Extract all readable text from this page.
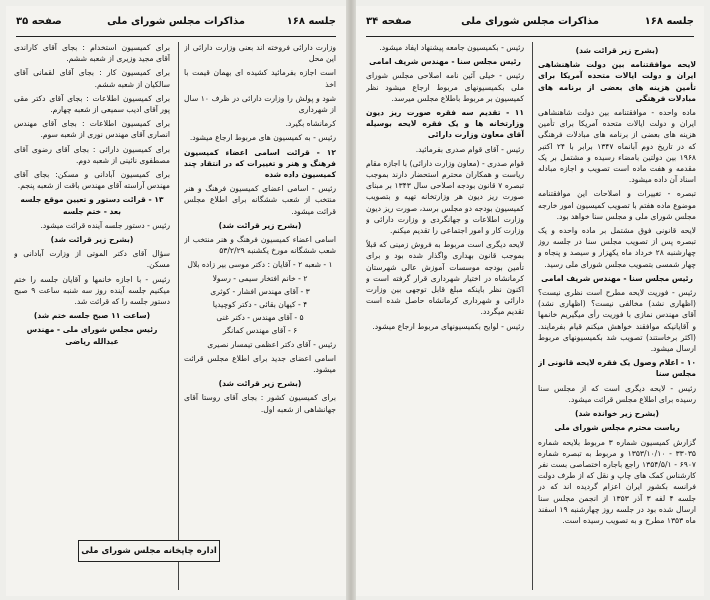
صفحه ۳۵	مذاکرات مجلس شورای ملی	جلسه ۱۶۸

وزارت دارائی فروخته اند بعنی وزارت دارائی از این محل

است اجازه بفرمائید کشیده ای بهمان قیمت با اخذ

شود و پولش را وزارت دارائی در ظرف ۱۰ سال از شهرداری

کرمانشاه بگیرد.

رئیس - به کمیسیون های مربوط ارجاع میشود.

۱۲ - قرائت اسامی اعضاء کمیسیون فرهنگ و هنر و تغییرات که در انتقاد چند کمیسیون داده شده

رئیس - اسامی اعضای کمیسیون فرهنگ و هنر منتخب از شعب ششگانه برای اطلاع مجلس قرائت میشود.

(بشرح زیر قرائت شد)

اسامی اعضاء کمیسیون فرهنگ و هنر منتخب از شعب ششگانه مورخ یکشنبه ۵۳/۲/۲۹

۱ - شعبه ۲ - آقایان : دکتر موسی بیر زاده بلال

۲ - خانم افتخار سیمی - رسولا

۳ - آقای مهندس افشار - کوثری

۴ - کیهان بقائی - دکتر کوچیدیا

۵ - آقای مهندس - دکتر غنی

۶ - آقای مهندس کمانگر

رئیس - آقای دکتر اعظمی تیمسار نصیری

اسامی اعضای جدید برای اطلاع مجلس قرائت میشود.

(بشرح زیر قرائت شد)

برای کمیسیون کشور : بجای آقای روستا آقای جهانشاهی از شعبه اول.

برای کمیسیون استخدام : بجای آقای کاراندی آقای مجید وزیری از شعبه ششم.

برای کمیسیون کار : بجای آقای لقمانی آقای سالکیان از شعبه ششم.

برای کمیسیون اطلاعات : بجای آقای دکتر مقی پور آقای ادیب سمیعی از شعبه چهارم.

برای کمیسیون اطلاعات : بجای آقای مهندس انصاری آقای مهندس نوری از شعبه سوم.

برای کمیسیون دارائی : بجای آقای رضوی آقای مصطفوی نائینی از شعبه دوم.

برای کمیسیون آبادانی و مسکن: بجای آقای مهندس آراسته آقای مهندس باقت از شعبه پنجم.

۱۳ - قرائت دستور و تعیین موقع جلسه بعد - ختم جلسه

رئیس - دستور جلسه آینده قرائت میشود.

(بشرح زیر قرائت شد)

سؤال آقای دکتر الموتی از وزارت آبادانی و مسکن.

رئیس - با اجازه خانمها و آقایان جلسه را ختم میکنیم جلسه آینده روز سه شنبه ساعت ۹ صبح دستور جلسه را که قرائت شد.

(ساعت ۱۱ صبح جلسه ختم شد)

رئیس مجلس شورای ملی - مهندس عبدالله ریاضی

اداره چاپخانه مجلس شورای ملی
صفحه ۳۴	مذاکرات مجلس شورای ملی	جلسه ۱۶۸

(بشرح زیر قرائت شد)

لایحه موافقتنامه بین دولت شاهنشاهی ایران و دولت ایالات متحده آمریکا برای تأمین هزینه های بعضی از برنامه های مبادلات فرهنگی

ماده واحده - موافقتنامه بین دولت شاهنشاهی ایران و دولت ایالات متحده آمریکا برای تأمین هزینه های بعضی از برنامه های مبادلات فرهنگی که در تاریخ دوم آبانماه ۱۳۴۷ برابر با ۲۴ اکتبر ۱۹۶۸ بین دولتین بامضاء رسیده و مشتمل بر یک مقدمه و هفت ماده است تصویب و اجازه مبادله اسناد آن داده میشود.

تبصره - تغییرات و اصلاحات این موافقتنامه موضوع ماده هفتم با تصویب کمیسیون امور خارجه مجلس شورای ملی و مجلس سنا خواهد بود.

لایحه قانونی فوق مشتمل بر ماده واحده و یک تبصره پس از تصویب مجلس سنا در جلسه روز چهارشنبه ۲۸ خرداد ماه یکهزار و سیصد و پنجاه و چهار شمسی بتصویب مجلس شورای ملی رسید.

رئیس مجلس سنا - مهندس شریف امامی

رئیس - فوریت لایحه مطرح است نظری نیست؟ (اظهاری نشد) مخالفی نیست؟ (اظهاری نشد) آقای مهندس نمازی با فوریت رأی میگیریم خانمها و آقایانیکه موافقند خواهش میکنم قیام بفرمایند. (اکثر برخاستند) تصویب شد بکمیسیونهای مربوط ارسال میشود.

۱۰ - اعلام وصول یک فقره لایحه قانونی از مجلس سنا

رئیس - لایحه دیگری است که از مجلس سنا رسیده برای اطلاع مجلس قرائت میشود.

(بشرح زیر خوانده شد)

ریاست محترم مجلس شورای ملی

گزارش کمیسیون شماره ۳ مربوط بلایحه شماره ۳۳۰۳۵ - ۱۳۵۳/۱۰/۱۰ و مربوط به تبصره شماره ۶۹۰۷ - ۱۳۵۴/۵/۱ راجع باجاره اختصاصی بست نفر کارشناس کمک های چاپ و نقل که از طرف دولت فرانسه بکشور ایران اعزام گردیده اند که در جلسه ۴ لفه ۳ آذر ۱۳۵۳ از انجمن مجلس سنا ارسال شده بود در جلسه روز چهارشنبه ۱۹ اسفند ماه ۱۳۵۳ مطرح و به تصویب رسیده است.

رئیس - بکمیسیون جامعه پیشنهاد ایفاد میشود.

رئیس مجلس سنا - مهندس شریف امامی

رئیس - خیلی آئین نامه اصلاحی مجلس شورای ملی بکمیسیونهای مربوط ارجاع میشود نظر کمیسیون بر مربوط باطلاع مجلس میرسد.

۱۱ - تقدیم سه فقره صورت ریز دیون وزارتخانه ها و یک فقره لایحه بوسیله آقای معاون وزارت دارائی

رئیس - آقای قوام صدری بفرمائید.

قوام صدری - (معاون وزارت دارائی) با اجازه مقام ریاست و همکاران محترم استحضار دارند بموجب تبصره ۷ قانون بودجه اصلاحی سال ۱۳۴۳ بر مبنای صورت ریز دیون هر وزارتخانه تهیه و بتصویب کمیسیون بودجه دو مجلس برسد، صورت ریز دیون وزارت اطلاعات و جهانگردی و وزارت دارائی و وزارت کار و امور اجتماعی را تقدیم میکنم.

لایحه دیگری است مربوط به فروش زمینی که قبلاً بموجب قانون بهداری واگذار شده بود و برای تأمین بودجه موسسات آموزش عالی شهرستان کرمانشاه در اختیار شهرداری قرار گرفته است و اکنون نظر باینکه مبلغ قابل توجهی بین وزارت دارائی و شهرداری کرمانشاه حاصل شده است تقدیم میگردد.

رئیس - لوایح بکمیسیونهای مربوط ارجاع میشود.
